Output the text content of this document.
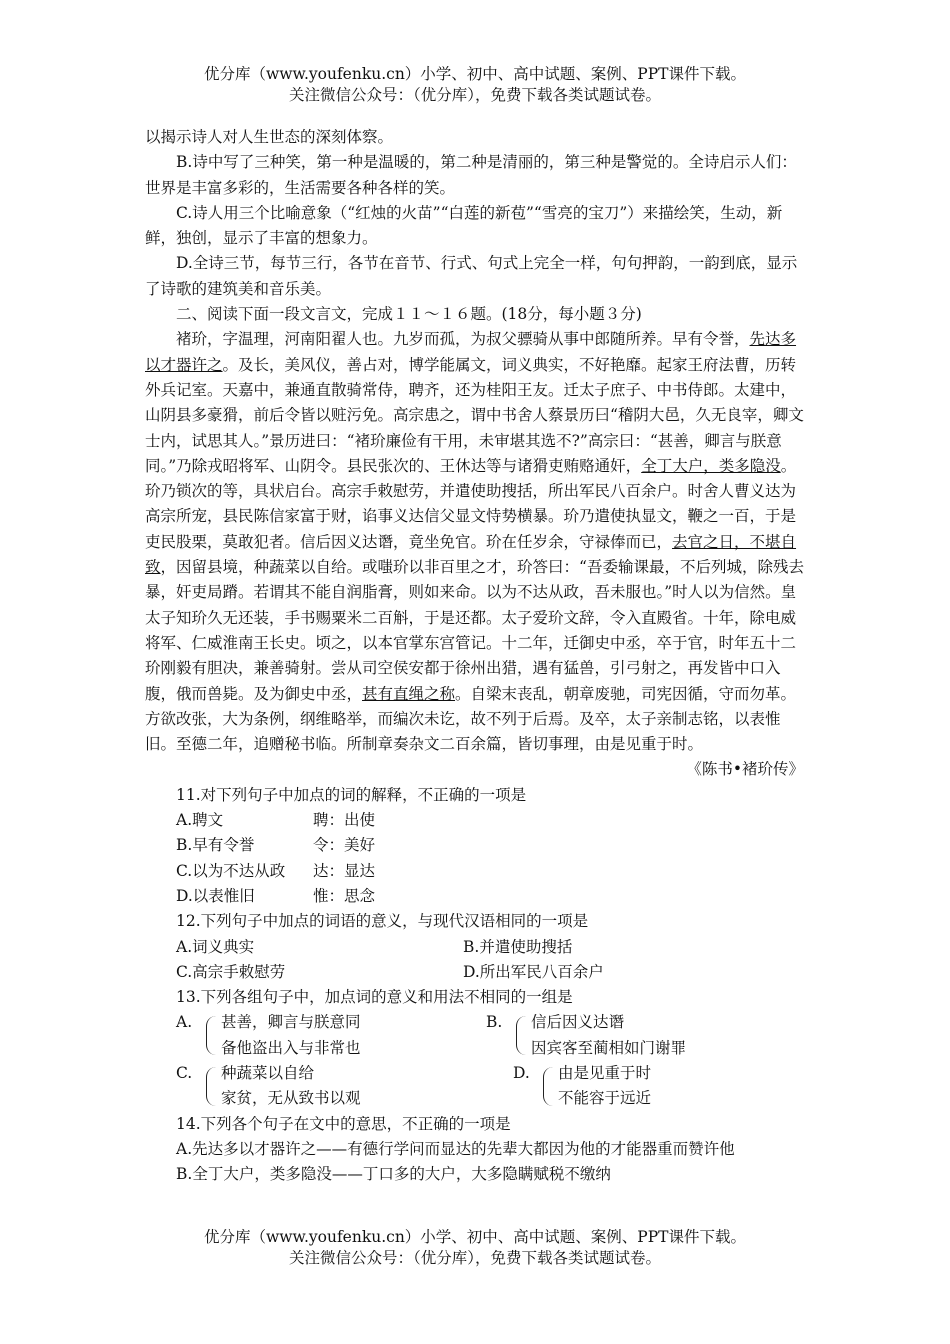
优分库（www.youfenku.cn）小学、初中、高中试题、案例、PPT课件下载。
关注微信公众号：（优分库），免费下载各类试题试卷。

以揭示诗人对人生世态的深刻体察。

B.诗中写了三种笑，第一种是温暖的，第二种是清丽的，第三种是警觉的。全诗启示人们：世界是丰富多彩的，生活需要各种各样的笑。

C.诗人用三个比喻意象（“红烛的火苗”“白莲的新苞”“雪亮的宝刀”）来描绘笑，生动，新鲜，独创，显示了丰富的想象力。

D.全诗三节，每节三行，各节在音节、行式、句式上完全一样，句句押韵，一韵到底，显示了诗歌的建筑美和音乐美。

二、阅读下面一段文言文，完成１１～１６题。(18分，每小题３分)

褚玠，字温理，河南阳翟人也。九岁而孤，为叔父骠骑从事中郎随所养。早有令誉，先达多以才器许之。及长，美风仪，善占对，博学能属文，词义典实，不好艳靡。起家王府法曹，历转外兵记室。天嘉中，兼通直散骑常侍，聘齐，还为桂阳王友。迁太子庶子、中书侍郎。太建中，山阴县多豪猾，前后令皆以赃污免。高宗患之，谓中书舍人蔡景历曰“稽阴大邑，久无良宰，卿文士内，试思其人。”景历进曰：“褚玠廉俭有干用，未审堪其选不?”高宗曰：“甚善，卿言与朕意同。”乃除戎昭将军、山阴令。县民张次的、王休达等与诸猾吏贿赂通奸，全丁大户，类多隐没。玠乃锁次的等，具状启台。高宗手敕慰劳，并遣使助搜括，所出军民八百余户。时舍人曹义达为高宗所宠，县民陈信家富于财，谄事义达信父显文恃势横暴。玠乃遣使执显文，鞭之一百，于是吏民股栗，莫敢犯者。信后因义达谮，竟坐免官。玠在任岁余，守禄俸而已，去官之日，不堪自致，因留县境，种蔬菜以自给。或嗤玠以非百里之才，玠答曰：“吾委输课最，不后列城，除残去暴，奸吏局蹐。若谓其不能自润脂膏，则如来命。以为不达从政，吾未服也。”时人以为信然。皇太子知玠久无还装，手书赐粟米二百斛，于是还都。太子爱玠文辞，令入直殿省。十年，除电威将军、仁威淮南王长史。顷之，以本官掌东宫管记。十二年，迁御史中丞，卒于官，时年五十二玠刚毅有胆决，兼善骑射。尝从司空侯安都于徐州出猎，遇有猛兽，引弓射之，再发皆中口入腹，俄而兽毙。及为御史中丞，甚有直绳之称。自梁末丧乱，朝章废驰，司宪因循，守而勿革。方欲改张，大为条例，纲维略举，而编次未讫，故不列于后焉。及卒，太子亲制志铭，以表惟旧。至德二年，追赠秘书临。所制章奏杂文二百余篇，皆切事理，由是见重于时。

《陈书•褚玠传》

11.对下列句子中加点的词的解释，不正确的一项是

A.聘文	聘：出使
B.早有令誉	令：美好
C.以为不达从政	达：显达
D.以表惟旧	惟：思念

12.下列句子中加点的词语的意义，与现代汉语相同的一项是

A.词义典实	B.并遣使助搜括
C.高宗手敕慰劳	D.所出军民八百余户

13.下列各组句子中，加点词的意义和用法不相同的一组是

A.	甚善，卿言与朕意同
备他盗出入与非常也
B.	信后因义达谮
因宾客至蔺相如门谢罪
C.	种蔬菜以自给
家贫，无从致书以观
D.	由是见重于时
不能容于远近

14.下列各个句子在文中的意思，不正确的一项是

A.先达多以才器许之——有德行学问而显达的先辈大都因为他的才能器重而赞许他

B.全丁大户，类多隐没——丁口多的大户，大多隐瞒赋税不缴纳

优分库（www.youfenku.cn）小学、初中、高中试题、案例、PPT课件下载。
关注微信公众号：（优分库），免费下载各类试题试卷。
